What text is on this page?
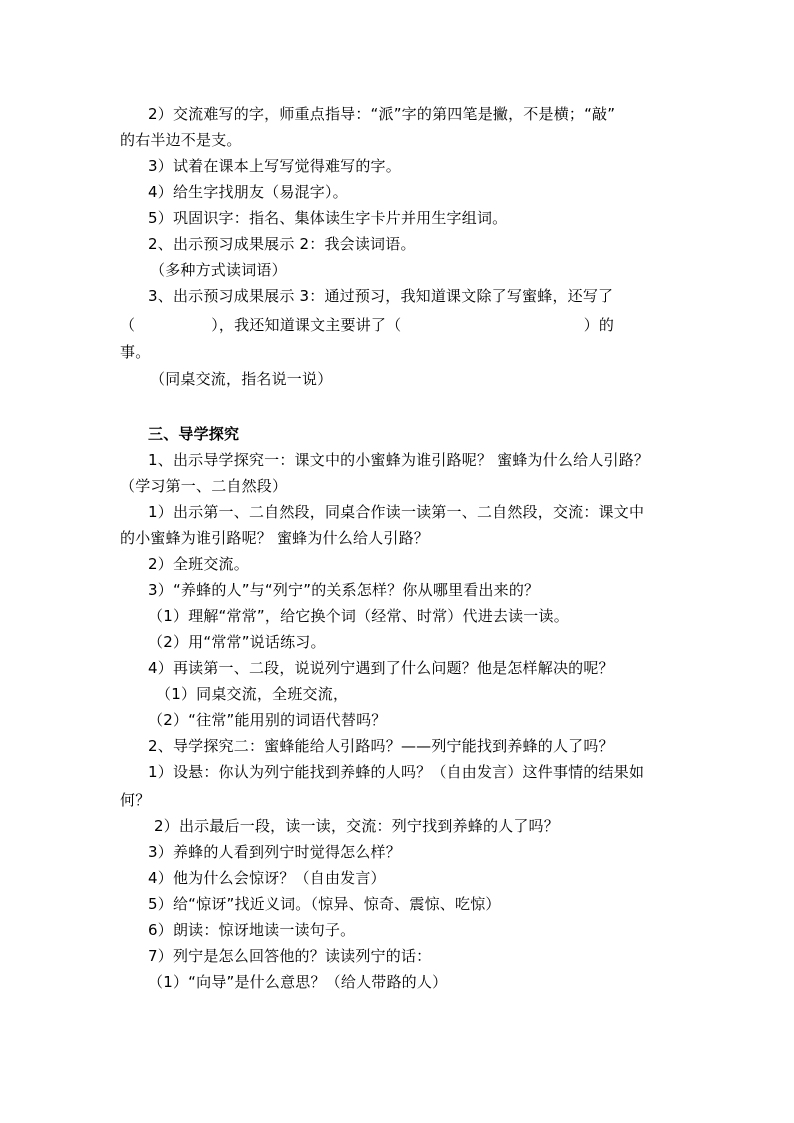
2）交流难写的字，师重点指导：“派”字的第四笔是撇，不是横；“敲”
的右半边不是支。
3）试着在课本上写写觉得难写的字。
4）给生字找朋友（易混字）。
5）巩固识字：指名、集体读生字卡片并用生字组词。
2、出示预习成果展示 2：我会读词语。
（多种方式读词语）
3、出示预习成果展示 3：通过预习，我知道课文除了写蜜蜂，还写了
（　　　　　），我还知道课文主要讲了（　　　　　　　　　　　　）的
事。
（同桌交流，指名说一说）
三、导学探究
1、出示导学探究一：课文中的小蜜蜂为谁引路呢？ 蜜蜂为什么给人引路？
（学习第一、二自然段）
1）出示第一、二自然段，同桌合作读一读第一、二自然段，交流：课文中
的小蜜蜂为谁引路呢？ 蜜蜂为什么给人引路？
2）全班交流。
3）“养蜂的人”与“列宁”的关系怎样？你从哪里看出来的？
（1）理解“常常”，给它换个词（经常、时常）代进去读一读。
（2）用“常常”说话练习。
4）再读第一、二段，说说列宁遇到了什么问题？他是怎样解决的呢？
（1）同桌交流，全班交流，
（2）“往常”能用别的词语代替吗？
2、导学探究二：蜜蜂能给人引路吗？——列宁能找到养蜂的人了吗？
1）设悬：你认为列宁能找到养蜂的人吗？（自由发言）这件事情的结果如
何？
2）出示最后一段，读一读，交流：列宁找到养蜂的人了吗？
3）养蜂的人看到列宁时觉得怎么样？
4）他为什么会惊讶？（自由发言）
5）给“惊讶”找近义词。（惊异、惊奇、震惊、吃惊）
6）朗读：惊讶地读一读句子。
7）列宁是怎么回答他的？读读列宁的话：
（1）“向导”是什么意思？（给人带路的人）
